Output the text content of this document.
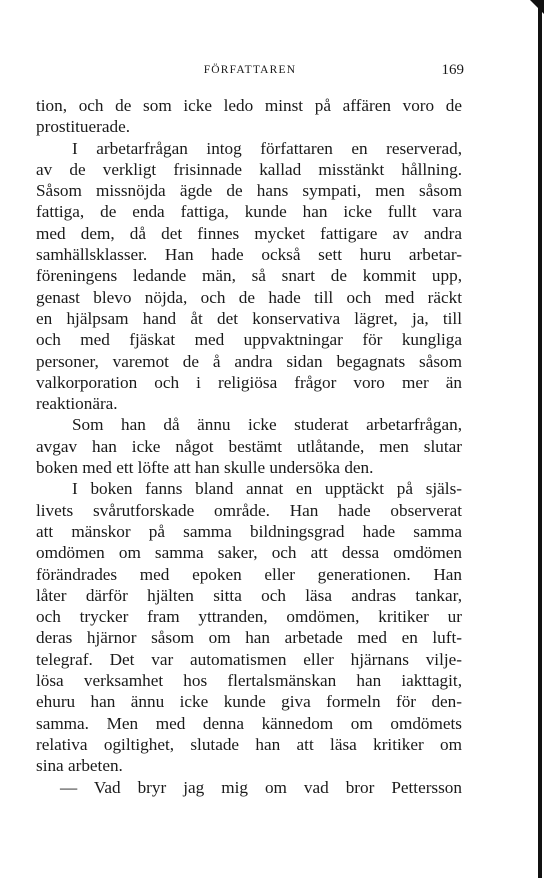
FÖRFATTAREN	169
tion, och de som icke ledo minst på affären voro de
prostituerade.
I arbetarfrågan intog författaren en reserverad,
av de verkligt frisinnade kallad misstänkt hållning.
Såsom missnöjda ägde de hans sympati, men såsom
fattiga, de enda fattiga, kunde han icke fullt vara
med dem, då det finnes mycket fattigare av andra
samhällsklasser. Han hade också sett huru arbetar-
föreningens ledande män, så snart de kommit upp,
genast blevo nöjda, och de hade till och med räckt
en hjälpsam hand åt det konservativa lägret, ja, till
och med fjäskat med uppvaktningar för kungliga
personer, varemot de å andra sidan begagnats såsom
valkorporation och i religiösa frågor voro mer än
reaktionära.
Som han då ännu icke studerat arbetarfrågan,
avgav han icke något bestämt utlåtande, men slutar
boken med ett löfte att han skulle undersöka den.
I boken fanns bland annat en upptäckt på själs-
livets svårutforskade område. Han hade observerat
att mänskor på samma bildningsgrad hade samma
omdömen om samma saker, och att dessa omdömen
förändrades med epoken eller generationen. Han
låter därför hjälten sitta och läsa andras tankar,
och trycker fram yttranden, omdömen, kritiker ur
deras hjärnor såsom om han arbetade med en luft-
telegraf. Det var automatismen eller hjärnans vilje-
lösa verksamhet hos flertalsmänskan han iakttagit,
ehuru han ännu icke kunde giva formeln för den-
samma. Men med denna kännedom om omdömets
relativa ogiltighet, slutade han att läsa kritiker om
sina arbeten.
— Vad bryr jag mig om vad bror Pettersson
